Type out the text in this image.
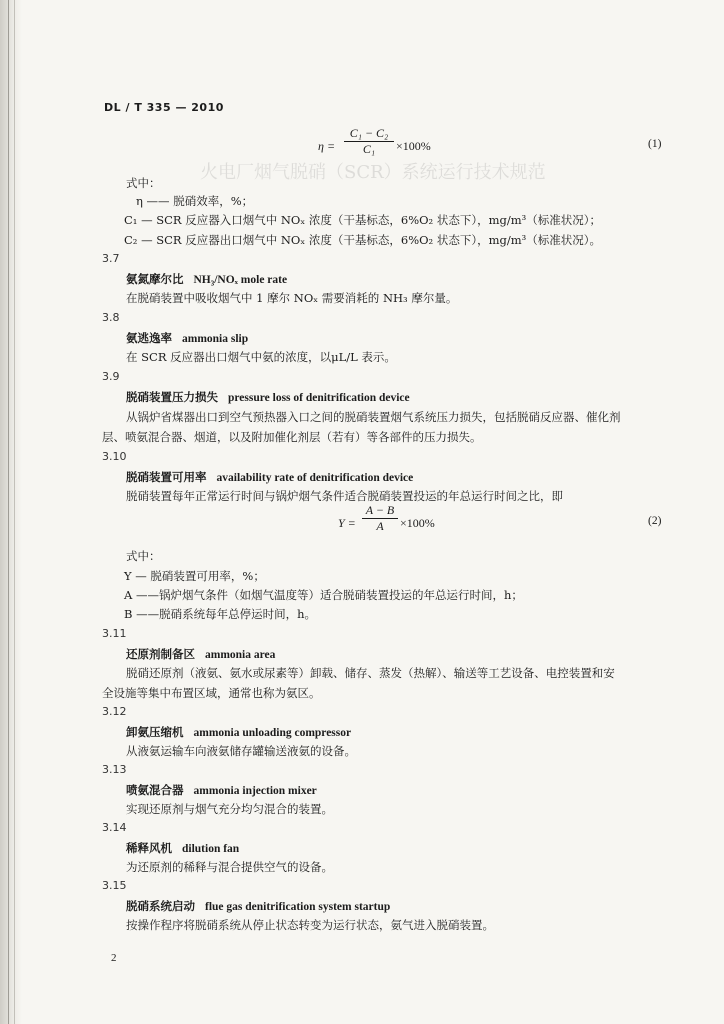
火电厂烟气脱硝（SCR）系统运行技术规范
DL / T 335 — 2010
η =
C₁ − C₂
C₁	×100%	(1)
式中：
η —— 脱硝效率，%；
C₁ — SCR 反应器入口烟气中 NOₓ 浓度（干基标态，6%O₂ 状态下），mg/m³（标准状况）；
C₂ — SCR 反应器出口烟气中 NOₓ 浓度（干基标态，6%O₂ 状态下），mg/m³（标准状况）。
3.7
氨氮摩尔比 NH₃/NOₓ mole rate
在脱硝装置中吸收烟气中 1 摩尔 NOₓ 需要消耗的 NH₃ 摩尔量。
3.8
氨逃逸率 ammonia slip
在 SCR 反应器出口烟气中氨的浓度，以μL/L 表示。
3.9
脱硝装置压力损失 pressure loss of denitrification device
从锅炉省煤器出口到空气预热器入口之间的脱硝装置烟气系统压力损失，包括脱硝反应器、催化剂
层、喷氨混合器、烟道，以及附加催化剂层（若有）等各部件的压力损失。
3.10
脱硝装置可用率 availability rate of denitrification device
脱硝装置每年正常运行时间与锅炉烟气条件适合脱硝装置投运的年总运行时间之比，即
Y =
A − B
A	×100%	(2)
式中：
Y — 脱硝装置可用率，%；
A ——锅炉烟气条件（如烟气温度等）适合脱硝装置投运的年总运行时间，h；
B ——脱硝系统每年总停运时间，h。
3.11
还原剂制备区 ammonia area
脱硝还原剂（液氨、氨水或尿素等）卸载、储存、蒸发（热解）、输送等工艺设备、电控装置和安
全设施等集中布置区域，通常也称为氨区。
3.12
卸氨压缩机 ammonia unloading compressor
从液氨运输车向液氨储存罐输送液氨的设备。
3.13
喷氨混合器 ammonia injection mixer
实现还原剂与烟气充分均匀混合的装置。
3.14
稀释风机 dilution fan
为还原剂的稀释与混合提供空气的设备。
3.15
脱硝系统启动 flue gas denitrification system startup
按操作程序将脱硝系统从停止状态转变为运行状态，氨气进入脱硝装置。
2
